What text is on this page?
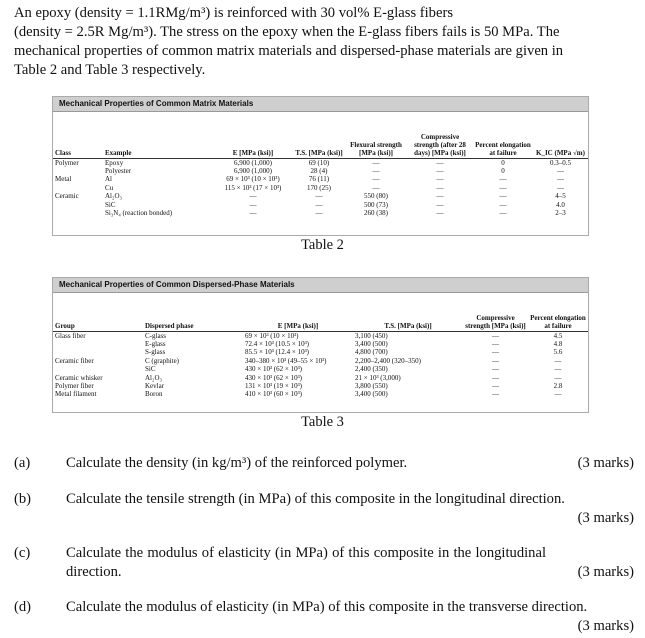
An epoxy (density = 1.1RMg/m³) is reinforced with 30 vol% E-glass fibers

(density = 2.5R Mg/m³). The stress on the epoxy when the E-glass fibers fails is 50 MPa. The

mechanical properties of common matrix materials and dispersed-phase materials are given in

Table 2 and Table 3 respectively.

Mechanical Properties of Common Matrix Materials
Class	Example	E [MPa (ksi)]	T.S. [MPa (ksi)]	Flexural strength [MPa (ksi)]	Compressive strength (after 28 days) [MPa (ksi)]	Percent elongation at failure	K_IC (MPa √m)
Polymer	Epoxy	6,900 (1,000)	69 (10)	—	—	0	0.3–0.5
	Polyester	6,900 (1,000)	28 (4)	—	—	0	—
Metal	Al	69 × 10³ (10 × 10³)	76 (11)	—	—	—	—
	Cu	115 × 10³ (17 × 10³)	170 (25)	—	—	—	—
Ceramic	Al₂O₃	—	—	550 (80)	—	—	4–5
	SiC	—	—	500 (73)	—	—	4.0
	Si₃N₄ (reaction bonded)	—	—	260 (38)	—	—	2–3
Table 2
Mechanical Properties of Common Dispersed-Phase Materials
Group	Dispersed phase	E [MPa (ksi)]	T.S. [MPa (ksi)]	Compressive strength [MPa (ksi)]	Percent elongation at failure
Glass fiber	C-glass	69 × 10³ (10 × 10³)	3,100 (450)	—	4.5
	E-glass	72.4 × 10³ (10.5 × 10³)	3,400 (500)	—	4.8
	S-glass	85.5 × 10³ (12.4 × 10³)	4,800 (700)	—	5.6
Ceramic fiber	C (graphite)	340–380 × 10³ (49–55 × 10³)	2,200–2,400 (320–350)	—	—
	SiC	430 × 10³ (62 × 10³)	2,400 (350)	—	—
Ceramic whisker	Al₂O₃	430 × 10³ (62 × 10³)	21 × 10³ (3,000)	—	—
Polymer fiber	Kevlar	131 × 10³ (19 × 10³)	3,800 (550)	—	2.8
Metal filament	Boron	410 × 10³ (60 × 10³)	3,400 (500)	—	—
Table 3
(a) Calculate the density (in kg/m³) of the reinforced polymer.	(3 marks)
(b) Calculate the tensile strength (in MPa) of this composite in the longitudinal direction.
(3 marks)
(c) Calculate the modulus of elasticity (in MPa) of this composite in the longitudinal direction.	(3 marks)
(d) Calculate the modulus of elasticity (in MPa) of this composite in the transverse direction.
(3 marks)
